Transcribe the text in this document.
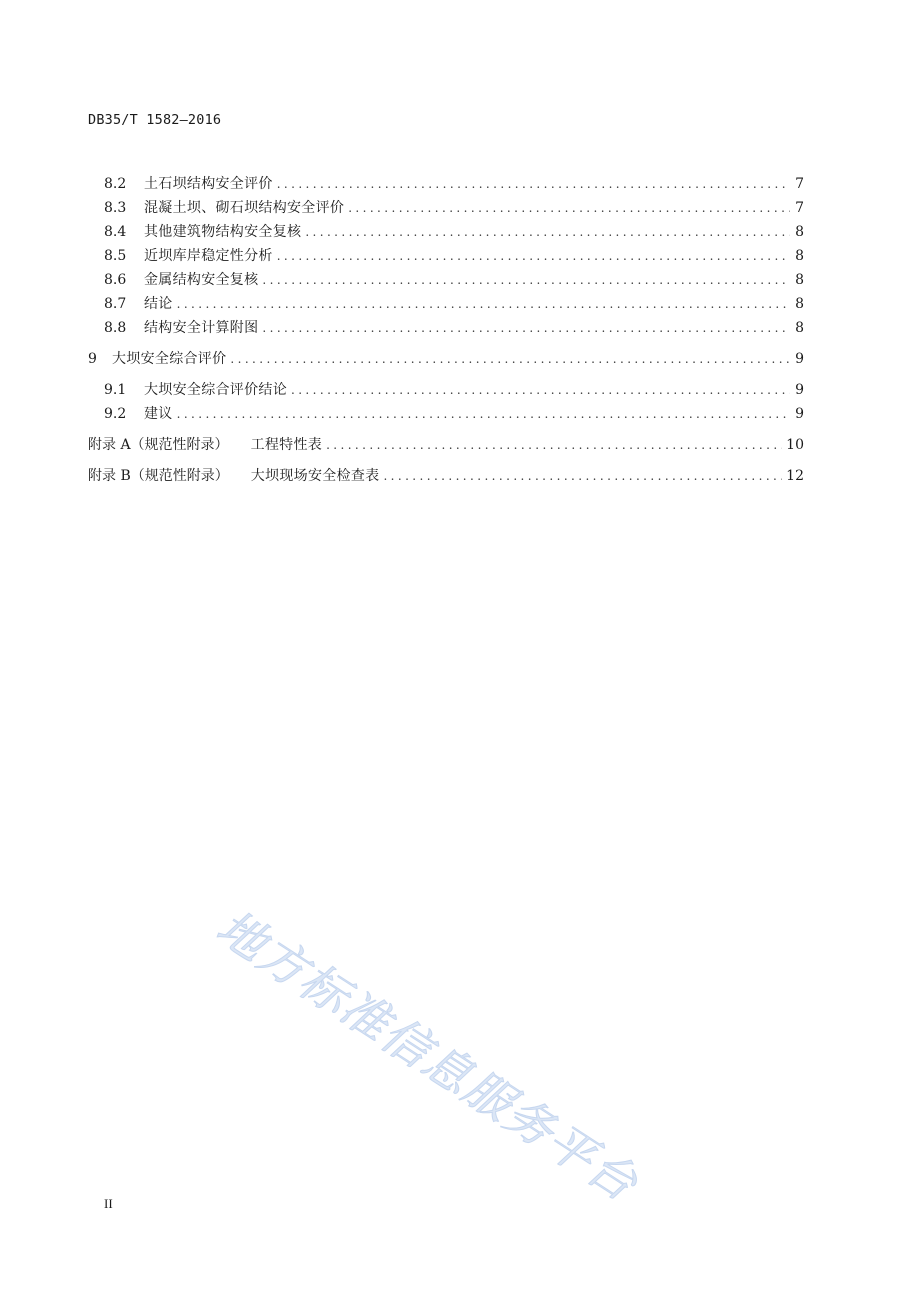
DB35/T 1582—2016
8.2	土石坝结构安全评价 .....	7
8.3	混凝土坝、砌石坝结构安全评价 .....	7
8.4	其他建筑物结构安全复核 .....	8
8.5	近坝库岸稳定性分析 .....	8
8.6	金属结构安全复核 .....	8
8.7	结论 .....	8
8.8	结构安全计算附图 .....	8
9	大坝安全综合评价 .....	9
9.1	大坝安全综合评价结论 .....	9
9.2	建议 .....	9
附录 A（规范性附录） 工程特性表 .....	10
附录 B（规范性附录） 大坝现场安全检查表 .....	12
地方标准信息服务平台
II
